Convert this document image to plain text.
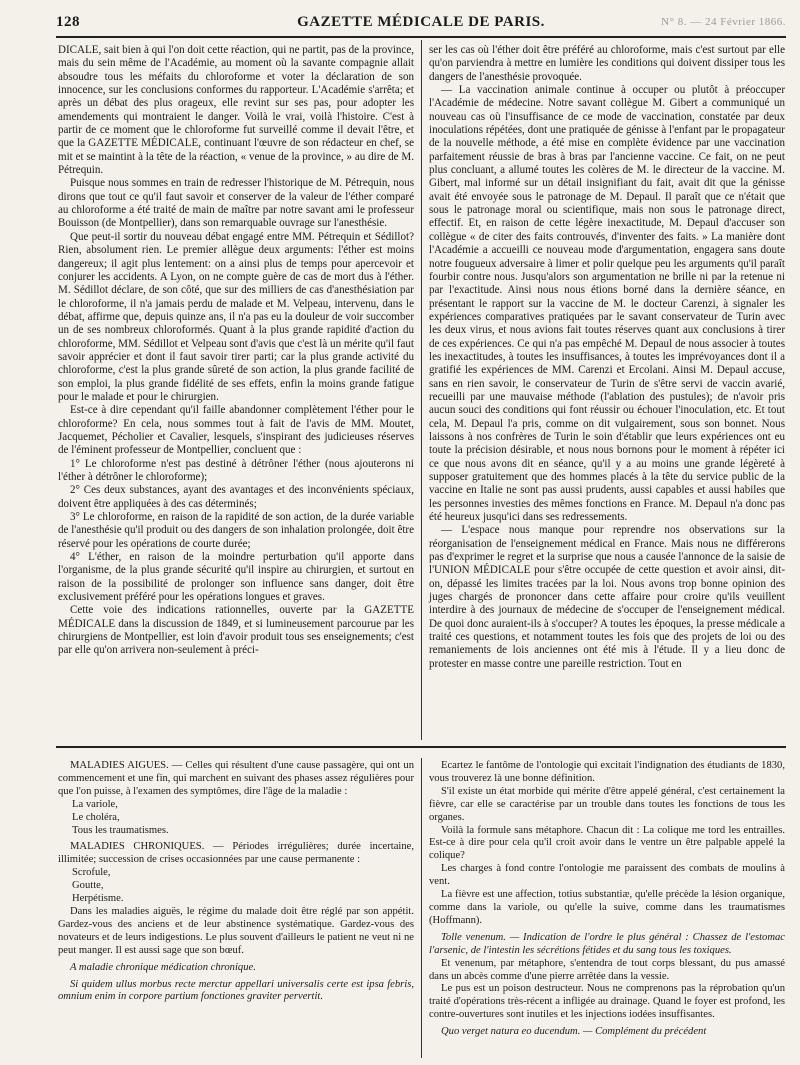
128	GAZETTE MÉDICALE DE PARIS.	N° 8. — 24 Février 1866.

DICALE, sait bien à qui l'on doit cette réaction, qui ne partit, pas de la province, mais du sein même de l'Académie, au moment où la savante compagnie allait absoudre tous les méfaits du chloroforme et voter la déclaration de son innocence, sur les conclusions conformes du rapporteur. L'Académie s'arrêta; et après un débat des plus orageux, elle revint sur ses pas, pour adopter les amendements qui montraient le danger. Voilà le vrai, voilà l'histoire. C'est à partir de ce moment que le chloroforme fut surveillé comme il devait l'être, et que la GAZETTE MÉDICALE, continuant l'œuvre de son rédacteur en chef, se mit et se maintint à la tête de la réaction, « venue de la province, » au dire de M. Pétrequin.

Puisque nous sommes en train de redresser l'historique de M. Pétrequin, nous dirons que tout ce qu'il faut savoir et conserver de la valeur de l'éther comparé au chloroforme a été traité de main de maître par notre savant ami le professeur Bouisson (de Montpellier), dans son remarquable ouvrage sur l'anesthésie.

Que peut-il sortir du nouveau débat engagé entre MM. Pétrequin et Sédillot? Rien, absolument rien. Le premier allègue deux arguments: l'éther est moins dangereux; il agit plus lentement: on a ainsi plus de temps pour apercevoir et conjurer les accidents. A Lyon, on ne compte guère de cas de mort dus à l'éther. M. Sédillot déclare, de son côté, que sur des milliers de cas d'anesthésiation par le chloroforme, il n'a jamais perdu de malade et M. Velpeau, intervenu, dans le débat, affirme que, depuis quinze ans, il n'a pas eu la douleur de voir succomber un de ses nombreux chloroformés. Quant à la plus grande rapidité d'action du chloroforme, MM. Sédillot et Velpeau sont d'avis que c'est là un mérite qu'il faut savoir apprécier et dont il faut savoir tirer parti; car la plus grande activité du chloroforme, c'est la plus grande sûreté de son action, la plus grande facilité de son emploi, la plus grande fidélité de ses effets, enfin la moins grande fatigue pour le malade et pour le chirurgien.

Est-ce à dire cependant qu'il faille abandonner complètement l'éther pour le chloroforme? En cela, nous sommes tout à fait de l'avis de MM. Moutet, Jacquemet, Pécholier et Cavalier, lesquels, s'inspirant des judicieuses réserves de l'éminent professeur de Montpellier, concluent que :

1° Le chloroforme n'est pas destiné à détrôner l'éther (nous ajouterons ni l'éther à détrôner le chloroforme);

2° Ces deux substances, ayant des avantages et des inconvénients spéciaux, doivent être appliquées à des cas déterminés;

3° Le chloroforme, en raison de la rapidité de son action, de la durée variable de l'anesthésie qu'il produit ou des dangers de son inhalation prolongée, doit être réservé pour les opérations de courte durée;

4° L'éther, en raison de la moindre perturbation qu'il apporte dans l'organisme, de la plus grande sécurité qu'il inspire au chirurgien, et surtout en raison de la possibilité de prolonger son influence sans danger, doit être exclusivement préféré pour les opérations longues et graves.

Cette voie des indications rationnelles, ouverte par la GAZETTE MÉDICALE dans la discussion de 1849, et si lumineusement parcourue par les chirurgiens de Montpellier, est loin d'avoir produit tous ses enseignements; c'est par elle qu'on arrivera non-seulement à préci-

ser les cas où l'éther doit être préféré au chloroforme, mais c'est surtout par elle qu'on parviendra à mettre en lumière les conditions qui doivent dissiper tous les dangers de l'anesthésie provoquée.

— La vaccination animale continue à occuper ou plutôt à préoccuper l'Académie de médecine. Notre savant collègue M. Gibert a communiqué un nouveau cas où l'insuffisance de ce mode de vaccination, constatée par deux inoculations répétées, dont une pratiquée de génisse à l'enfant par le propagateur de la nouvelle méthode, a été mise en complète évidence par une vaccination parfaitement réussie de bras à bras par l'ancienne vaccine. Ce fait, on ne peut plus concluant, a allumé toutes les colères de M. le directeur de la vaccine. M. Gibert, mal informé sur un détail insignifiant du fait, avait dit que la génisse avait été envoyée sous le patronage de M. Depaul. Il paraît que ce n'était que sous le patronage moral ou scientifique, mais non sous le patronage direct, effectif. Et, en raison de cette légère inexactitude, M. Depaul d'accuser son collègue « de citer des faits controuvés, d'inventer des faits. » La manière dont l'Académie a accueilli ce nouveau mode d'argumentation, engagera sans doute notre fougueux adversaire à limer et polir quelque peu les arguments qu'il paraît fourbir contre nous. Jusqu'alors son argumentation ne brille ni par la retenue ni par l'exactitude. Ainsi nous nous étions borné dans la dernière séance, en présentant le rapport sur la vaccine de M. le docteur Carenzi, à signaler les expériences comparatives pratiquées par le savant conservateur de Turin avec les deux virus, et nous avions fait toutes réserves quant aux conclusions à tirer de ces expériences. Ce qui n'a pas empêché M. Depaul de nous associer à toutes les inexactitudes, à toutes les insuffisances, à toutes les imprévoyances dont il a gratifié les expériences de MM. Carenzi et Ercolani. Ainsi M. Depaul accuse, sans en rien savoir, le conservateur de Turin de s'être servi de vaccin avarié, recueilli par une mauvaise méthode (l'ablation des pustules); de n'avoir pris aucun souci des conditions qui font réussir ou échouer l'inoculation, etc. Et tout cela, M. Depaul l'a pris, comme on dit vulgairement, sous son bonnet. Nous laissons à nos confrères de Turin le soin d'établir que leurs expériences ont eu toute la précision désirable, et nous nous bornons pour le moment à répéter ici ce que nous avons dit en séance, qu'il y a au moins une grande légèreté à supposer gratuitement que des hommes placés à la tête du service public de la vaccine en Italie ne sont pas aussi prudents, aussi capables et aussi habiles que les personnes investies des mêmes fonctions en France. M. Depaul n'a donc pas été heureux jusqu'ici dans ses redressements.

— L'espace nous manque pour reprendre nos observations sur la réorganisation de l'enseignement médical en France. Mais nous ne différerons pas d'exprimer le regret et la surprise que nous a causée l'annonce de la saisie de l'UNION MÉDICALE pour s'être occupée de cette question et avoir ainsi, dit-on, dépassé les limites tracées par la loi. Nous avons trop bonne opinion des juges chargés de prononcer dans cette affaire pour croire qu'ils veuillent interdire à des journaux de médecine de s'occuper de l'enseignement médical. De quoi donc auraient-ils à s'occuper? A toutes les époques, la presse médicale a traité ces questions, et notamment toutes les fois que des projets de loi ou des remaniements de lois anciennes ont été mis à l'étude. Il y a lieu donc de protester en masse contre une pareille restriction. Tout en

MALADIES AIGUES. — Celles qui résultent d'une cause passagère, qui ont un commencement et une fin, qui marchent en suivant des phases assez régulières pour que l'on puisse, à l'examen des symptômes, dire l'âge de la maladie :

La variole,

Le choléra,

Tous les traumatismes.

MALADIES CHRONIQUES. — Périodes irrégulières; durée incertaine, illimitée; succession de crises occasionnées par une cause permanente :

Scrofule,

Goutte,

Herpétisme.

Dans les maladies aiguës, le régime du malade doit être réglé par son appétit. Gardez-vous des anciens et de leur abstinence systématique. Gardez-vous des novateurs et de leurs indigestions. Le plus souvent d'ailleurs le patient ne veut ni ne peut manger. Il est aussi sage que son bœuf.

A maladie chronique médication chronique.

Si quidem ullus morbus recte merctur appellari universalis certe est ipsa febris, omnium enim in corpore partium fonctiones graviter pervertit.

Ecartez le fantôme de l'ontologie qui excitait l'indignation des étudiants de 1830, vous trouverez là une bonne définition.

S'il existe un état morbide qui mérite d'être appelé général, c'est certainement la fièvre, car elle se caractérise par un trouble dans toutes les fonctions de tous les organes.

Voilà la formule sans métaphore. Chacun dit : La colique me tord les entrailles. Est-ce à dire pour cela qu'il croit avoir dans le ventre un être palpable appelé la colique?

Les charges à fond contre l'ontologie me paraissent des combats de moulins à vent.

La fièvre est une affection, totius substantiæ, qu'elle précède la lésion organique, comme dans la variole, ou qu'elle la suive, comme dans les traumatismes (Hoffmann).

Tolle venenum. — Indication de l'ordre le plus général : Chassez de l'estomac l'arsenic, de l'intestin les sécrétions fétides et du sang tous les toxiques.

Et venenum, par métaphore, s'entendra de tout corps blessant, du pus amassé dans un abcès comme d'une pierre arrêtée dans la vessie.

Le pus est un poison destructeur. Nous ne comprenons pas la réprobation qu'un traité d'opérations très-récent a infligée au drainage. Quand le foyer est profond, les contre-ouvertures sont inutiles et les injections iodées insuffisantes.

Quo verget natura eo ducendum. — Complément du précédent
